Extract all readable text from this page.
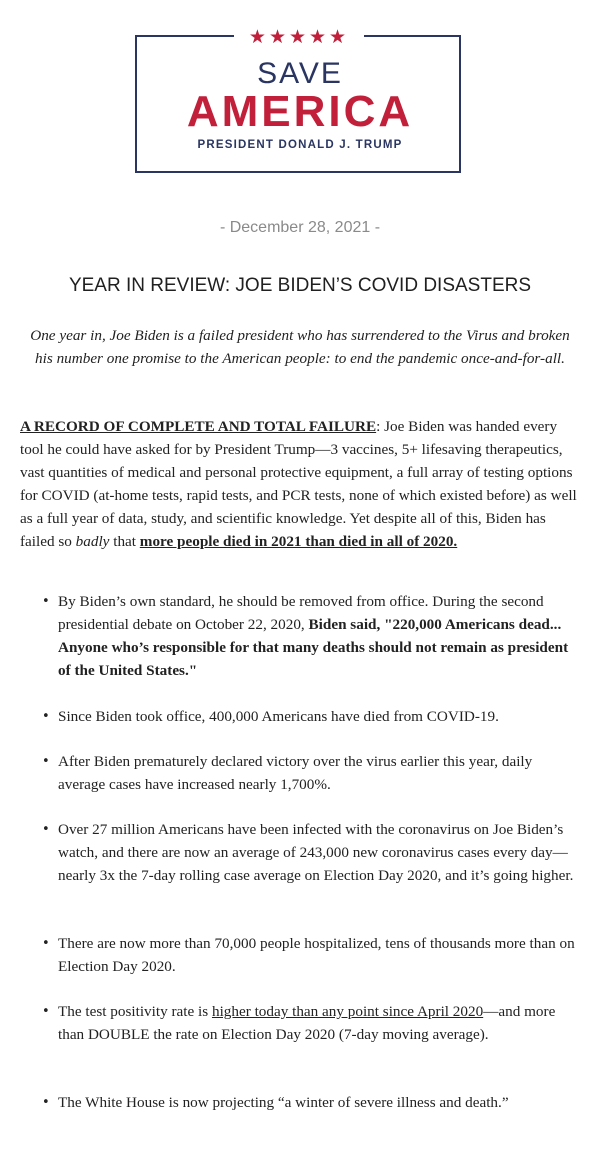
★★★★★
SAVE
AMERICA
PRESIDENT DONALD J. TRUMP
- December 28, 2021 -
YEAR IN REVIEW: JOE BIDEN’S COVID DISASTERS
One year in, Joe Biden is a failed president who has surrendered to the Virus and broken his number one promise to the American people: to end the pandemic once-and-for-all.
A RECORD OF COMPLETE AND TOTAL FAILURE: Joe Biden was handed every tool he could have asked for by President Trump—3 vaccines, 5+ lifesaving therapeutics, vast quantities of medical and personal protective equipment, a full array of testing options for COVID (at-home tests, rapid tests, and PCR tests, none of which existed before) as well as a full year of data, study, and scientific knowledge. Yet despite all of this, Biden has failed so badly that more people died in 2021 than died in all of 2020.
• By Biden’s own standard, he should be removed from office. During the second presidential debate on October 22, 2020, Biden said, "220,000 Americans dead... Anyone who’s responsible for that many deaths should not remain as president of the United States."
• Since Biden took office, 400,000 Americans have died from COVID-19.
• After Biden prematurely declared victory over the virus earlier this year, daily average cases have increased nearly 1,700%.
• Over 27 million Americans have been infected with the coronavirus on Joe Biden’s watch, and there are now an average of 243,000 new coronavirus cases every day—nearly 3x the 7-day rolling case average on Election Day 2020, and it’s going higher.
• There are now more than 70,000 people hospitalized, tens of thousands more than on Election Day 2020.
• The test positivity rate is higher today than any point since April 2020—and more than DOUBLE the rate on Election Day 2020 (7-day moving average).
• The White House is now projecting “a winter of severe illness and death.”
